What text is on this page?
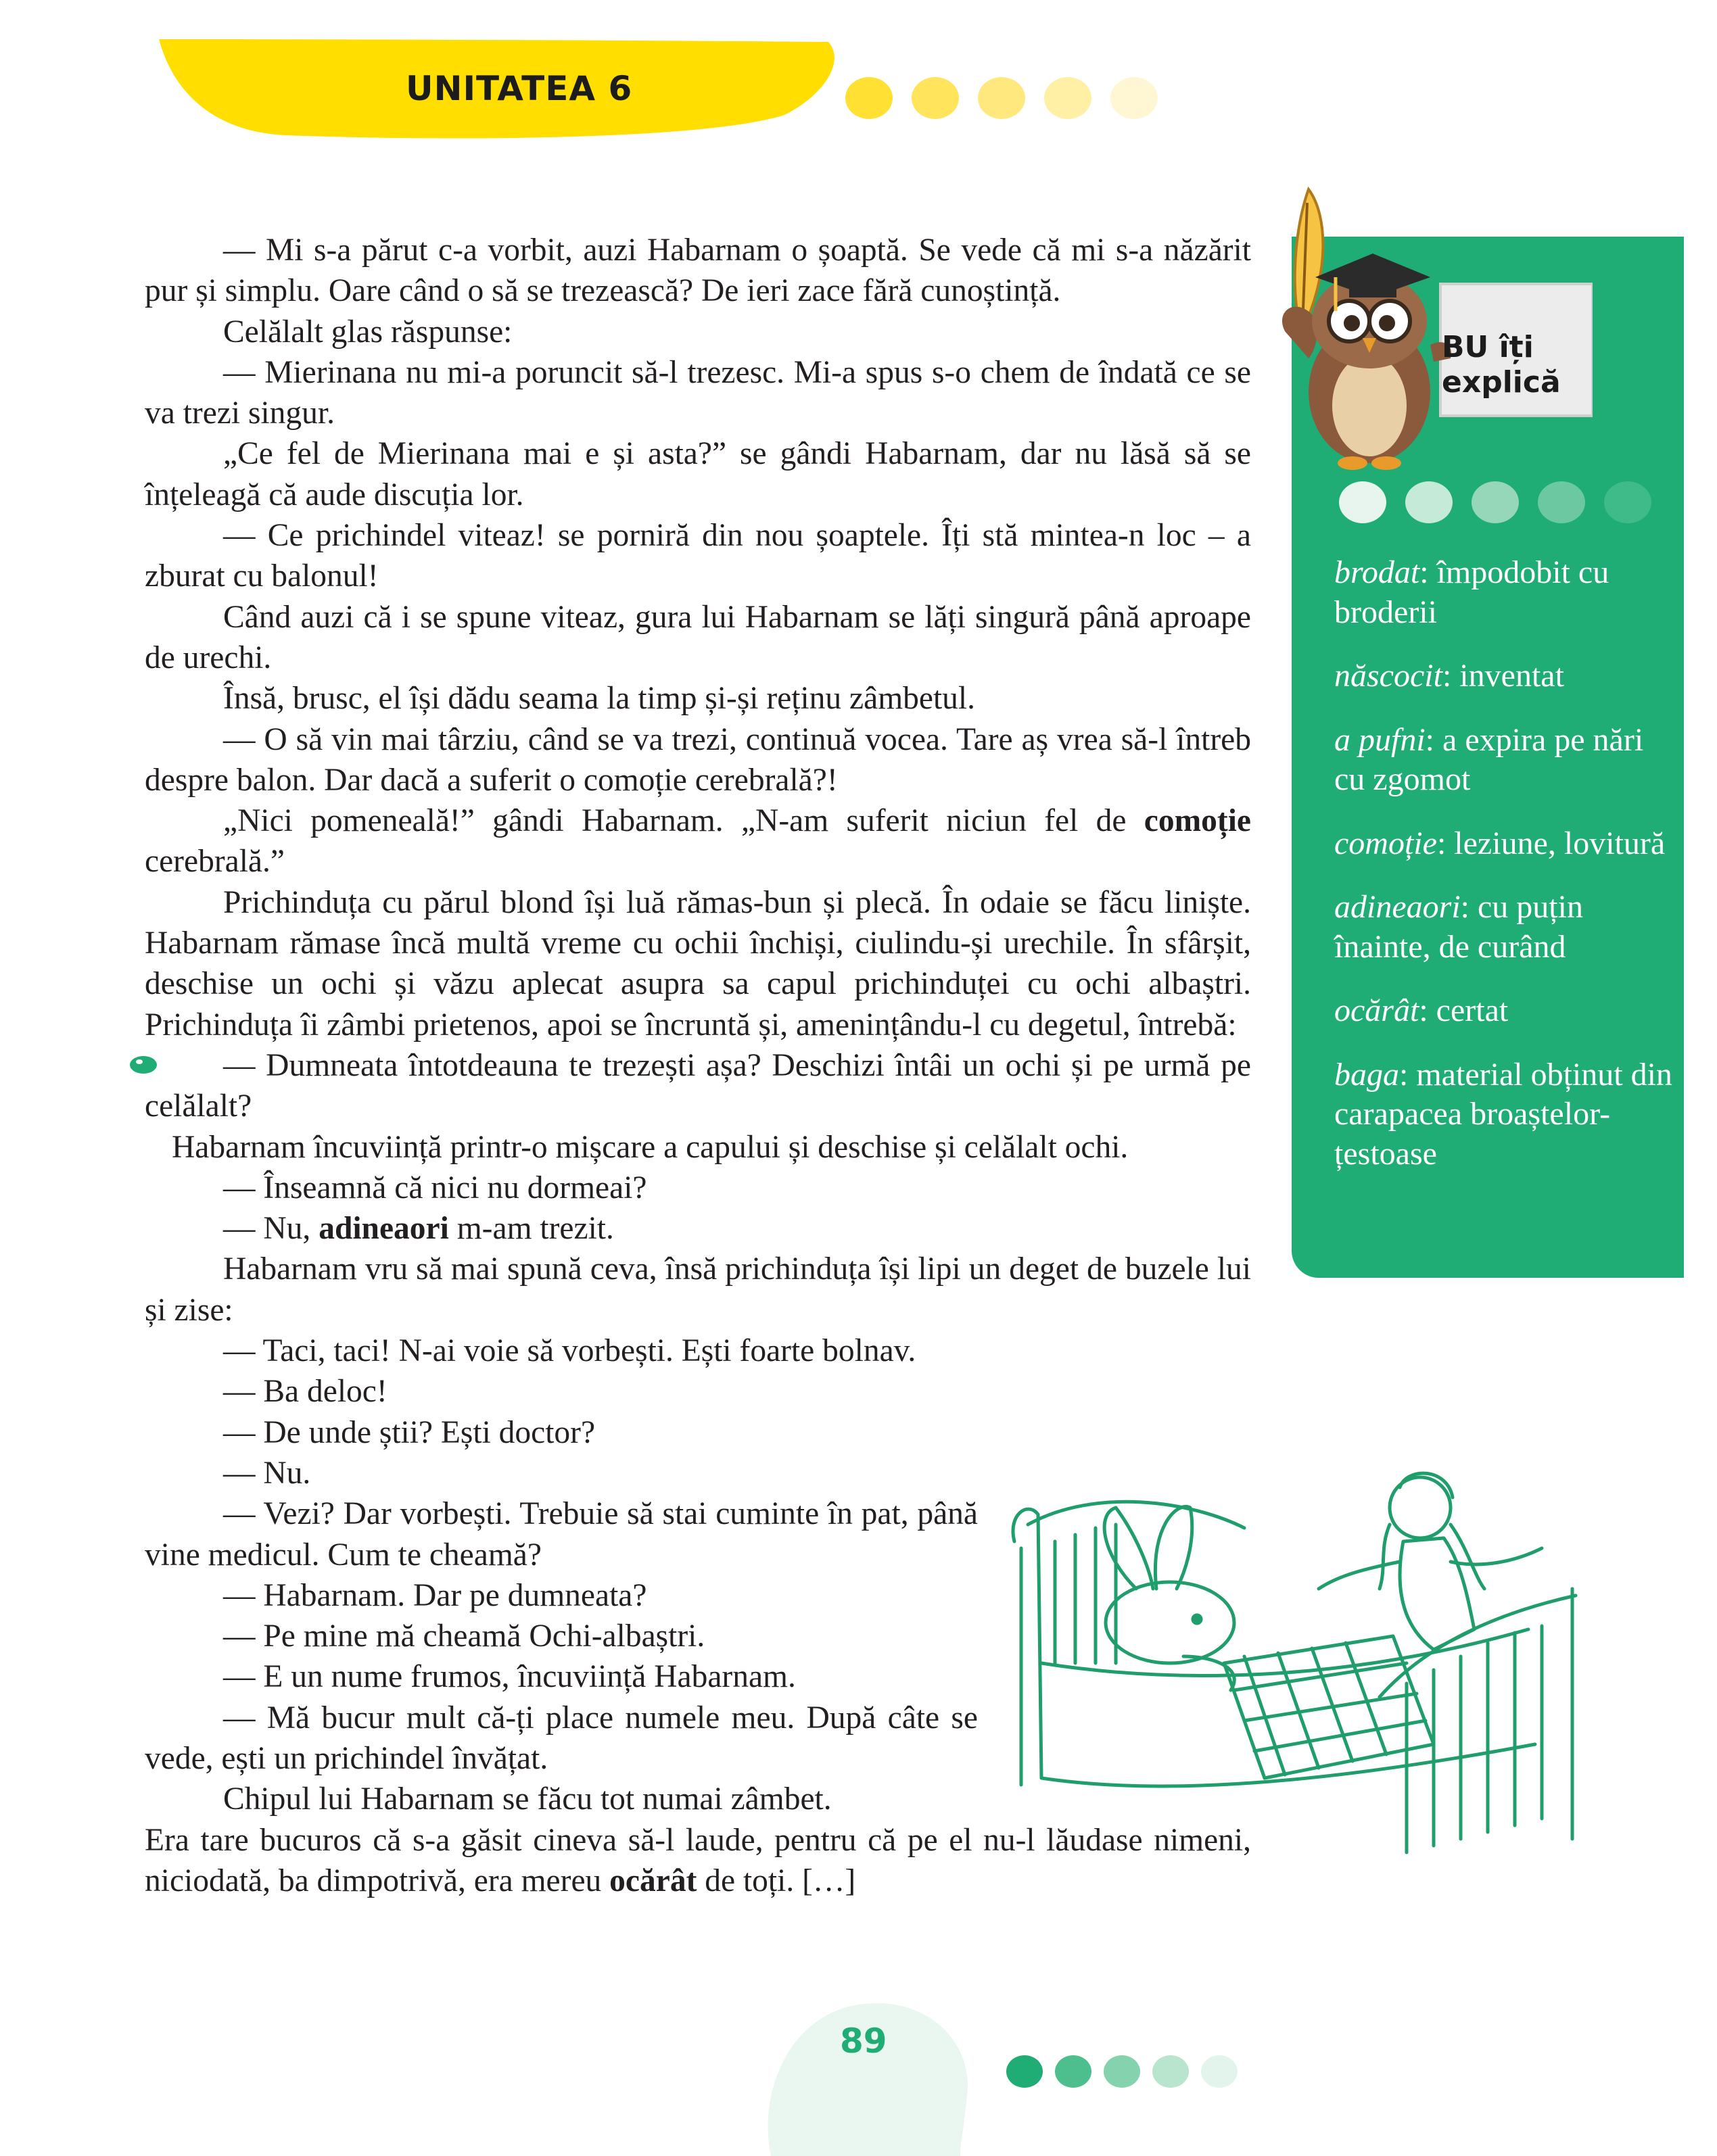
UNITATEA 6

— Mi s-a părut c-a vorbit, auzi Habarnam o șoaptă. Se vede că mi s-a năzărit pur și simplu. Oare când o să se trezească? De ieri zace fără cunoștință.

Celălalt glas răspunse:

— Mierinana nu mi-a poruncit să-l trezesc. Mi-a spus s-o chem de îndată ce se va trezi singur.

„Ce fel de Mierinana mai e și asta?” se gândi Habarnam, dar nu lăsă să se înțeleagă că aude discuția lor.

— Ce prichindel viteaz! se porniră din nou șoaptele. Îți stă mintea-n loc – a zburat cu balonul!

Când auzi că i se spune viteaz, gura lui Habarnam se lăți singură până aproape de urechi.

Însă, brusc, el își dădu seama la timp și-și reținu zâmbetul.

— O să vin mai târziu, când se va trezi, continuă vocea. Tare aș vrea să-l întreb despre balon. Dar dacă a suferit o comoție cerebrală?!

„Nici pomeneală!” gândi Habarnam. „N-am suferit niciun fel de comoție cerebrală.”

Prichinduța cu părul blond își luă rămas-bun și plecă. În odaie se făcu liniște. Habarnam rămase încă multă vreme cu ochii închiși, ciulindu-și urechile. În sfârșit, deschise un ochi și văzu aplecat asupra sa capul prichinduței cu ochi albaștri. Prichinduța îi zâmbi prietenos, apoi se încruntă și, amenințându-l cu degetul, întrebă:

— Dumneata întotdeauna te trezești așa? Deschizi întâi un ochi și pe urmă pe celălalt?

Habarnam încuviință printr-o mișcare a capului și deschise și celălalt ochi.

— Înseamnă că nici nu dormeai?

— Nu, adineaori m-am trezit.

Habarnam vru să mai spună ceva, însă prichinduța își lipi un deget de buzele lui și zise:

— Taci, taci! N-ai voie să vorbești. Ești foarte bolnav.

— Ba deloc!

— De unde știi? Ești doctor?

— Nu.

— Vezi? Dar vorbești. Trebuie să stai cuminte în pat, până vine medicul. Cum te cheamă?

— Habarnam. Dar pe dumneata?

— Pe mine mă cheamă Ochi-albaștri.

— E un nume frumos, încuviință Habarnam.

— Mă bucur mult că-ți place numele meu. După câte se vede, ești un prichindel învățat.

Chipul lui Habarnam se făcu tot numai zâmbet.

Era tare bucuros că s-a găsit cineva să-l laude, pentru că pe el nu-l lăudase nimeni, niciodată, ba dimpotrivă, era mereu ocărât de toți. […]

BU îți explică
brodat: împodobit cu broderii
născocit: inventat
a pufni: a expira pe nări cu zgomot
comoție: leziune, lovitură
adineaori: cu puțin înainte, de curând
ocărât: certat
baga: material obținut din carapacea broaștelor-țestoase
89
